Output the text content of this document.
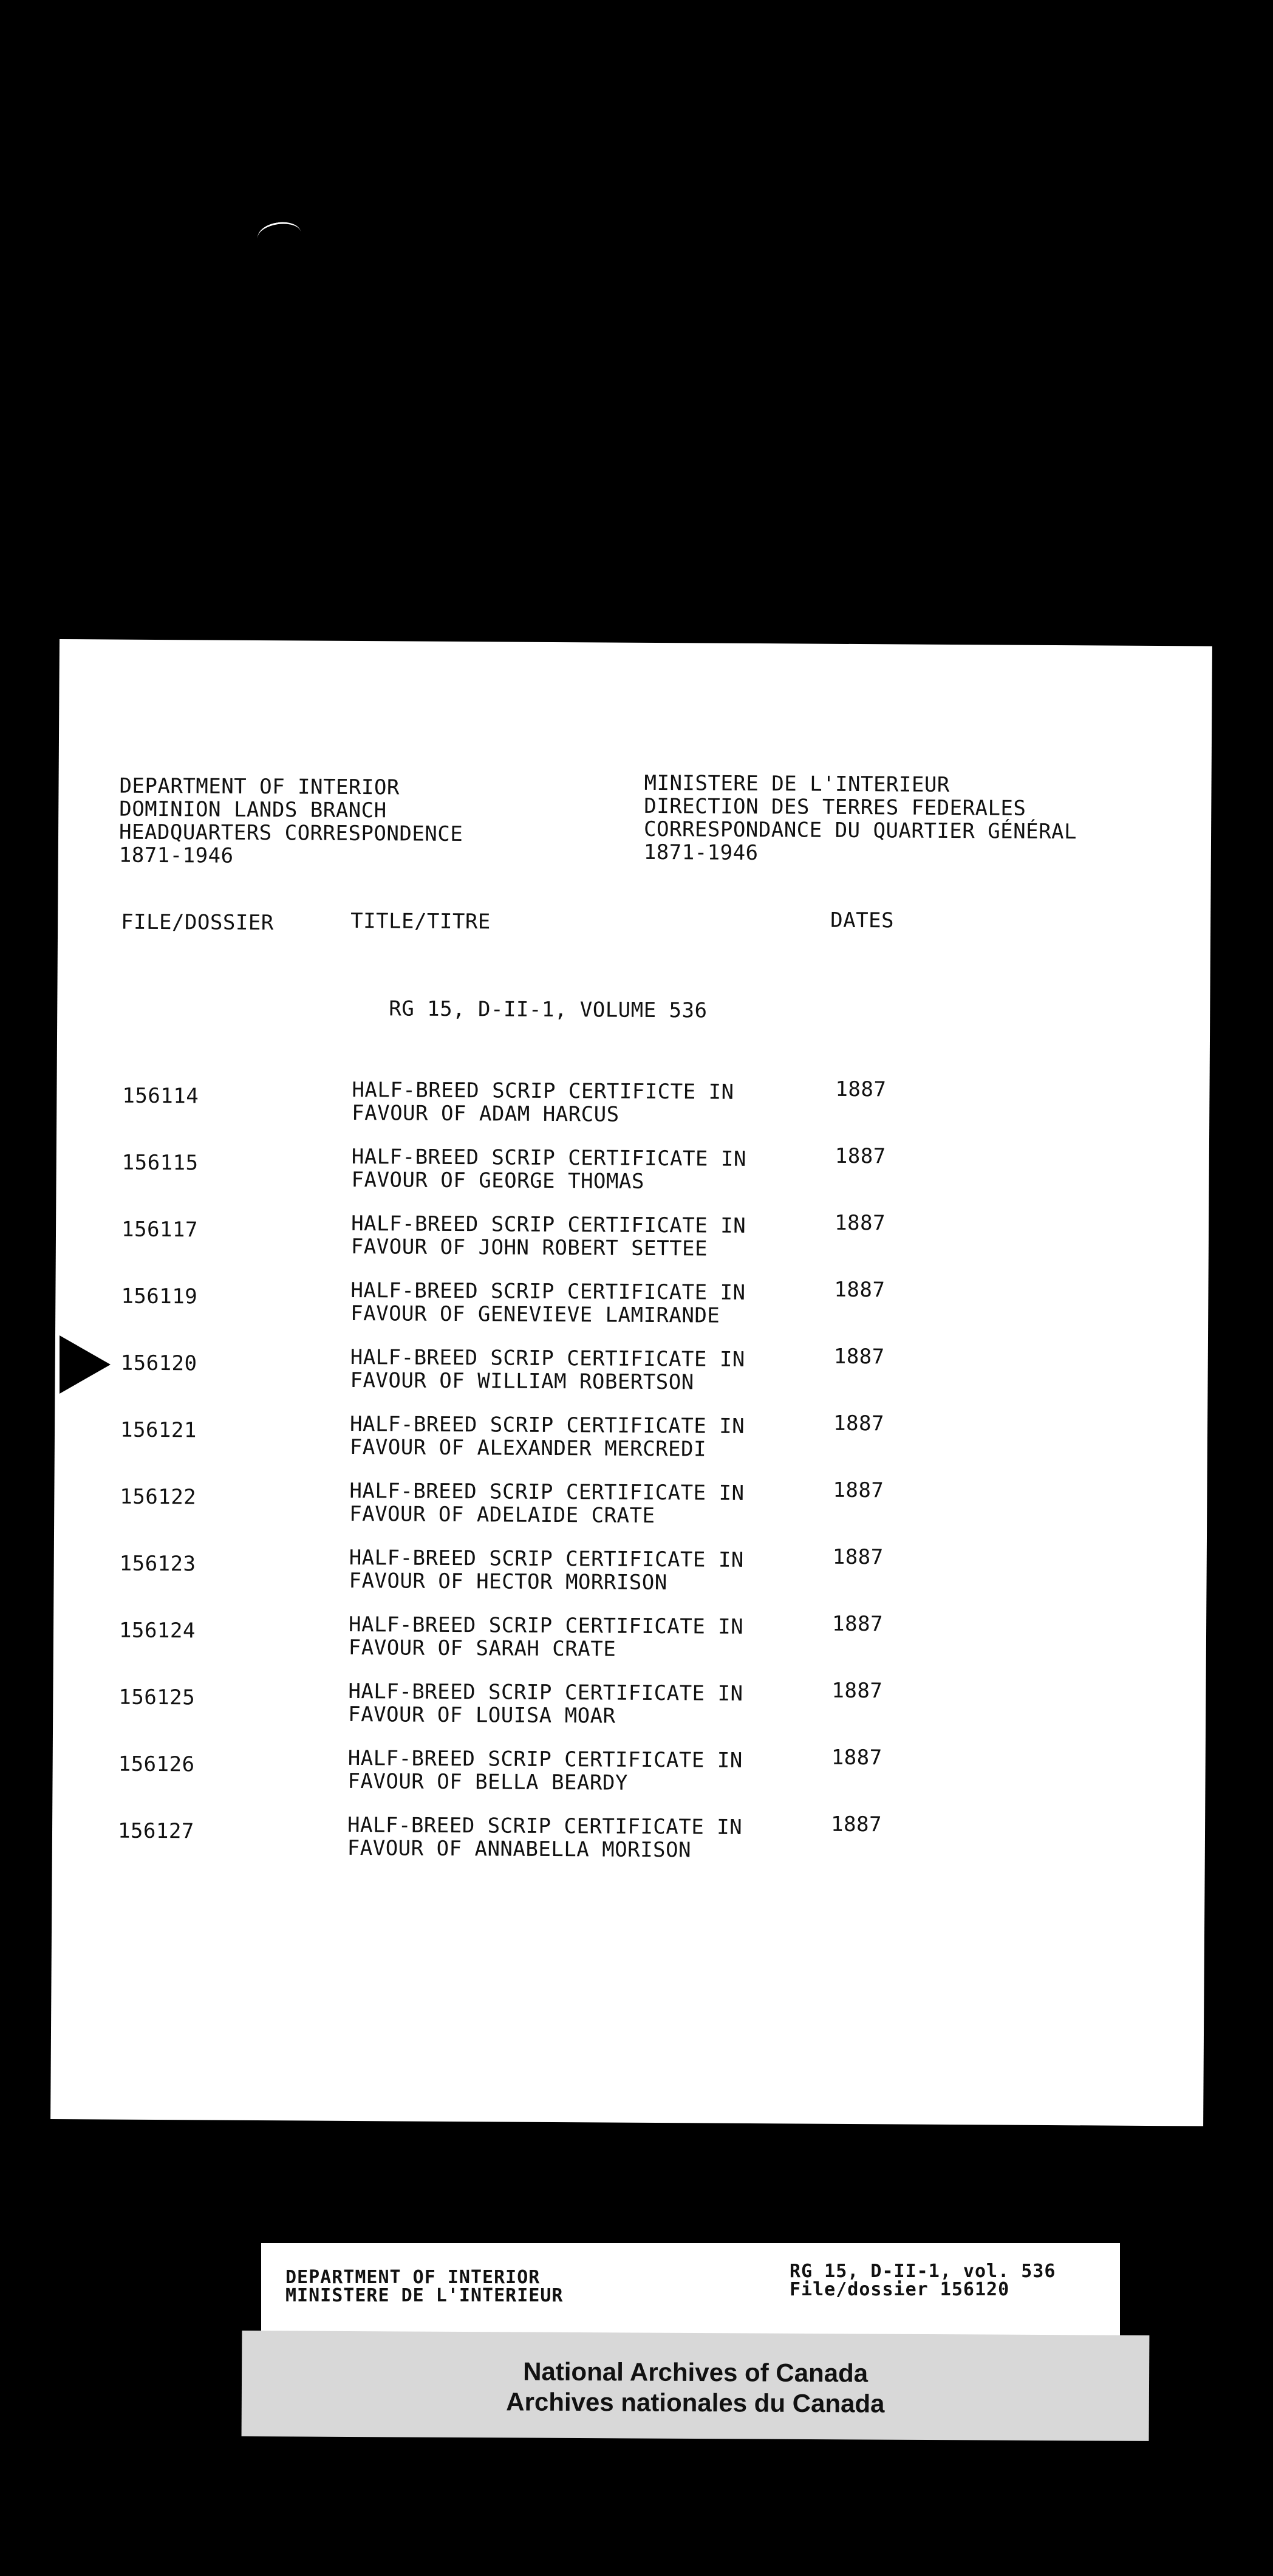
DEPARTMENT OF INTERIOR
DOMINION LANDS BRANCH
HEADQUARTERS CORRESPONDENCE
1871-1946
MINISTERE DE L'INTERIEUR
DIRECTION DES TERRES FEDERALES
CORRESPONDANCE DU QUARTIER GÉNÉRAL
1871-1946
FILE/DOSSIER	TITLE/TITRE	DATES
RG 15, D-II-1, VOLUME 536
156114	HALF-BREED SCRIP CERTIFICTE IN
FAVOUR OF ADAM HARCUS
1887
156115	HALF-BREED SCRIP CERTIFICATE IN
FAVOUR OF GEORGE THOMAS
1887
156117	HALF-BREED SCRIP CERTIFICATE IN
FAVOUR OF JOHN ROBERT SETTEE
1887
156119	HALF-BREED SCRIP CERTIFICATE IN
FAVOUR OF GENEVIEVE LAMIRANDE
1887
156120	HALF-BREED SCRIP CERTIFICATE IN
FAVOUR OF WILLIAM ROBERTSON
1887
156121	HALF-BREED SCRIP CERTIFICATE IN
FAVOUR OF ALEXANDER MERCREDI
1887
156122	HALF-BREED SCRIP CERTIFICATE IN
FAVOUR OF ADELAIDE CRATE
1887
156123	HALF-BREED SCRIP CERTIFICATE IN
FAVOUR OF HECTOR MORRISON
1887
156124	HALF-BREED SCRIP CERTIFICATE IN
FAVOUR OF SARAH CRATE
1887
156125	HALF-BREED SCRIP CERTIFICATE IN
FAVOUR OF LOUISA MOAR
1887
156126	HALF-BREED SCRIP CERTIFICATE IN
FAVOUR OF BELLA BEARDY
1887
156127	HALF-BREED SCRIP CERTIFICATE IN
FAVOUR OF ANNABELLA MORISON
1887
DEPARTMENT OF INTERIOR
MINISTERE DE L'INTERIEUR
RG 15, D-II-1, vol. 536
File/dossier 156120
National Archives of Canada
Archives nationales du Canada
